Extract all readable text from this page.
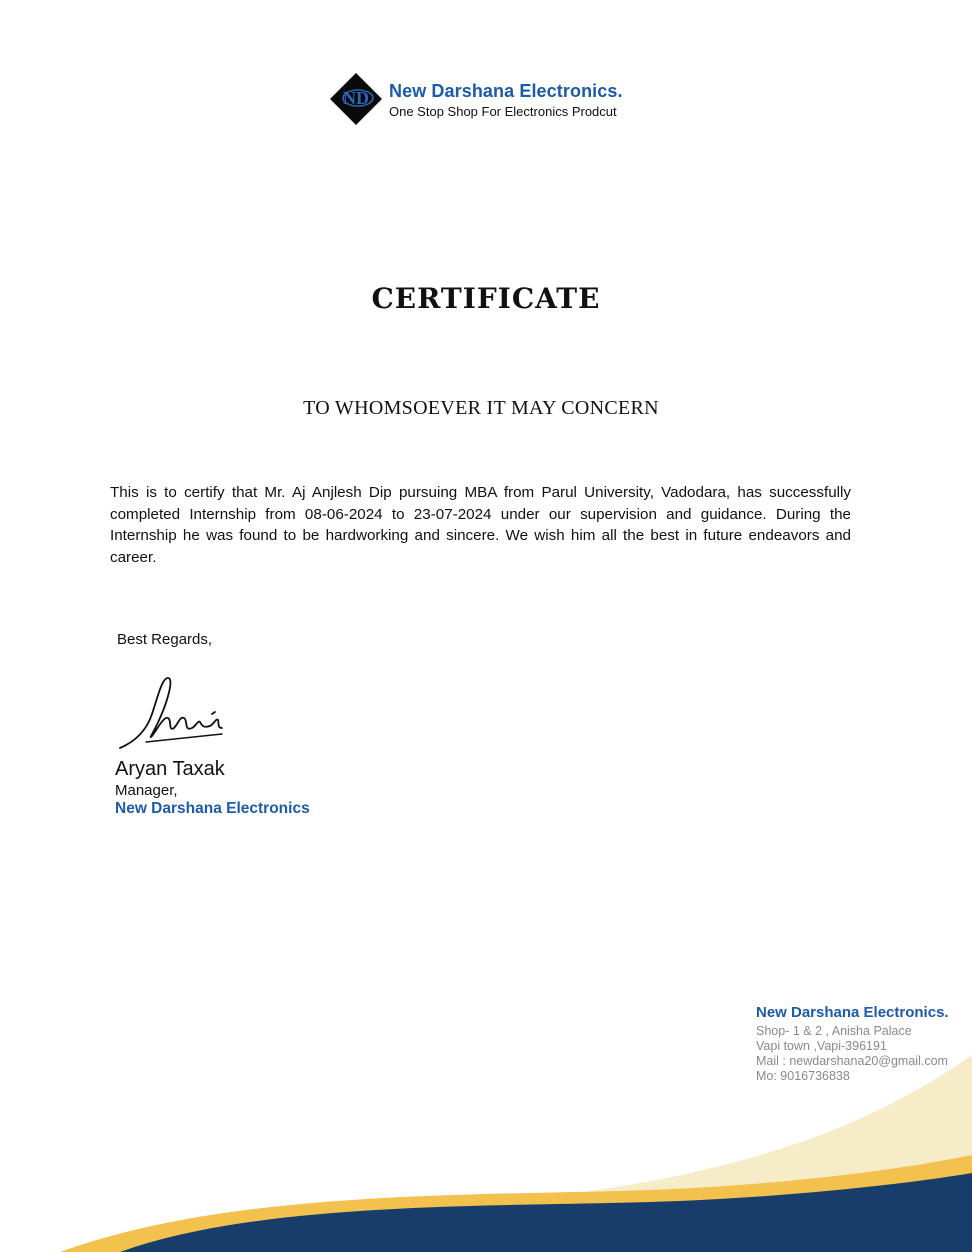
ND New Darshana Electronics.
One Stop Shop For Electronics Prodcut
CERTIFICATE
TO WHOMSOEVER IT MAY CONCERN
This is to certify that Mr. Aj Anjlesh Dip pursuing MBA from Parul University, Vadodara, has successfully completed Internship from 08-06-2024 to 23-07-2024 under our supervision and guidance. During the Internship he was found to be hardworking and sincere. We wish him all the best in future endeavors and career.
Best Regards,
Aryan Taxak
Manager,
New Darshana Electronics
New Darshana Electronics.
Shop- 1 & 2 , Anisha Palace
Vapi town ,Vapi-396191
Mail : newdarshana20@gmail.com
Mo: 9016736838
